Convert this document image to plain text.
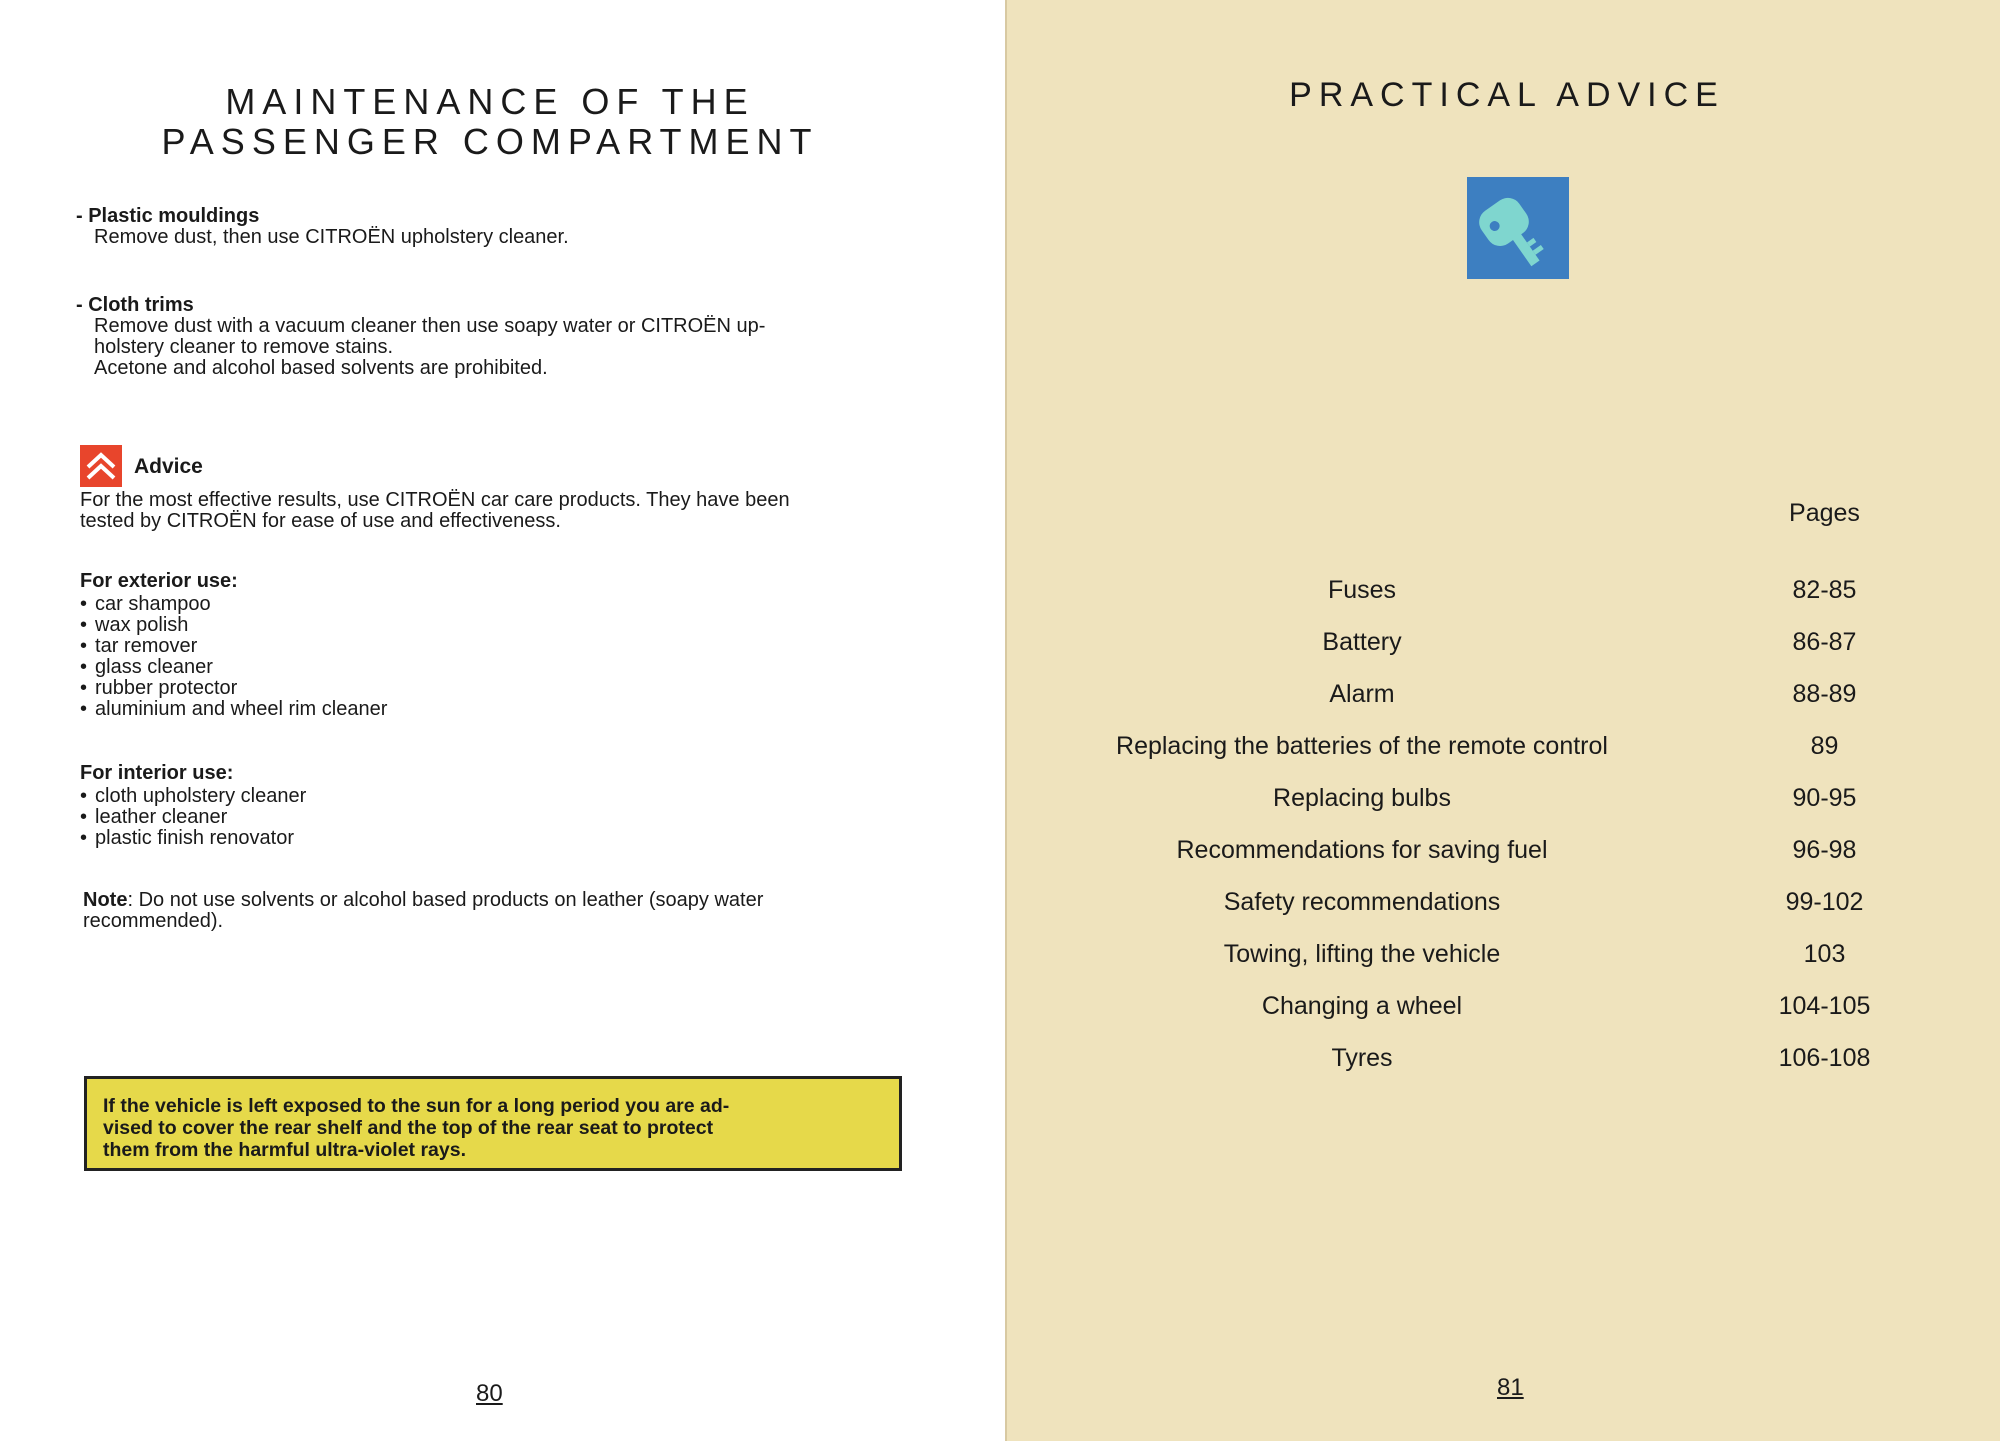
MAINTENANCE OF THE
PASSENGER COMPARTMENT
- Plastic mouldings
Remove dust, then use CITROËN upholstery cleaner.
- Cloth trims
Remove dust with a vacuum cleaner then use soapy water or CITROËN up-
holstery cleaner to remove stains.
Acetone and alcohol based solvents are prohibited.
Advice
For the most effective results, use CITROËN car care products. They have been
tested by CITROËN for ease of use and effectiveness.
For exterior use:
• car shampoo
• wax polish
• tar remover
• glass cleaner
• rubber protector
• aluminium and wheel rim cleaner
For interior use:
• cloth upholstery cleaner
• leather cleaner
• plastic finish renovator
Note: Do not use solvents or alcohol based products on leather (soapy water
recommended).
If the vehicle is left exposed to the sun for a long period you are ad-
vised to cover the rear shelf and the top of the rear seat to protect
them from the harmful ultra-violet rays.
80
PRACTICAL ADVICE
Pages
Fuses	82-85
Battery	86-87
Alarm	88-89
Replacing the batteries of the remote control	89
Replacing bulbs	90-95
Recommendations for saving fuel	96-98
Safety recommendations	99-102
Towing, lifting the vehicle	103
Changing a wheel	104-105
Tyres	106-108
81
